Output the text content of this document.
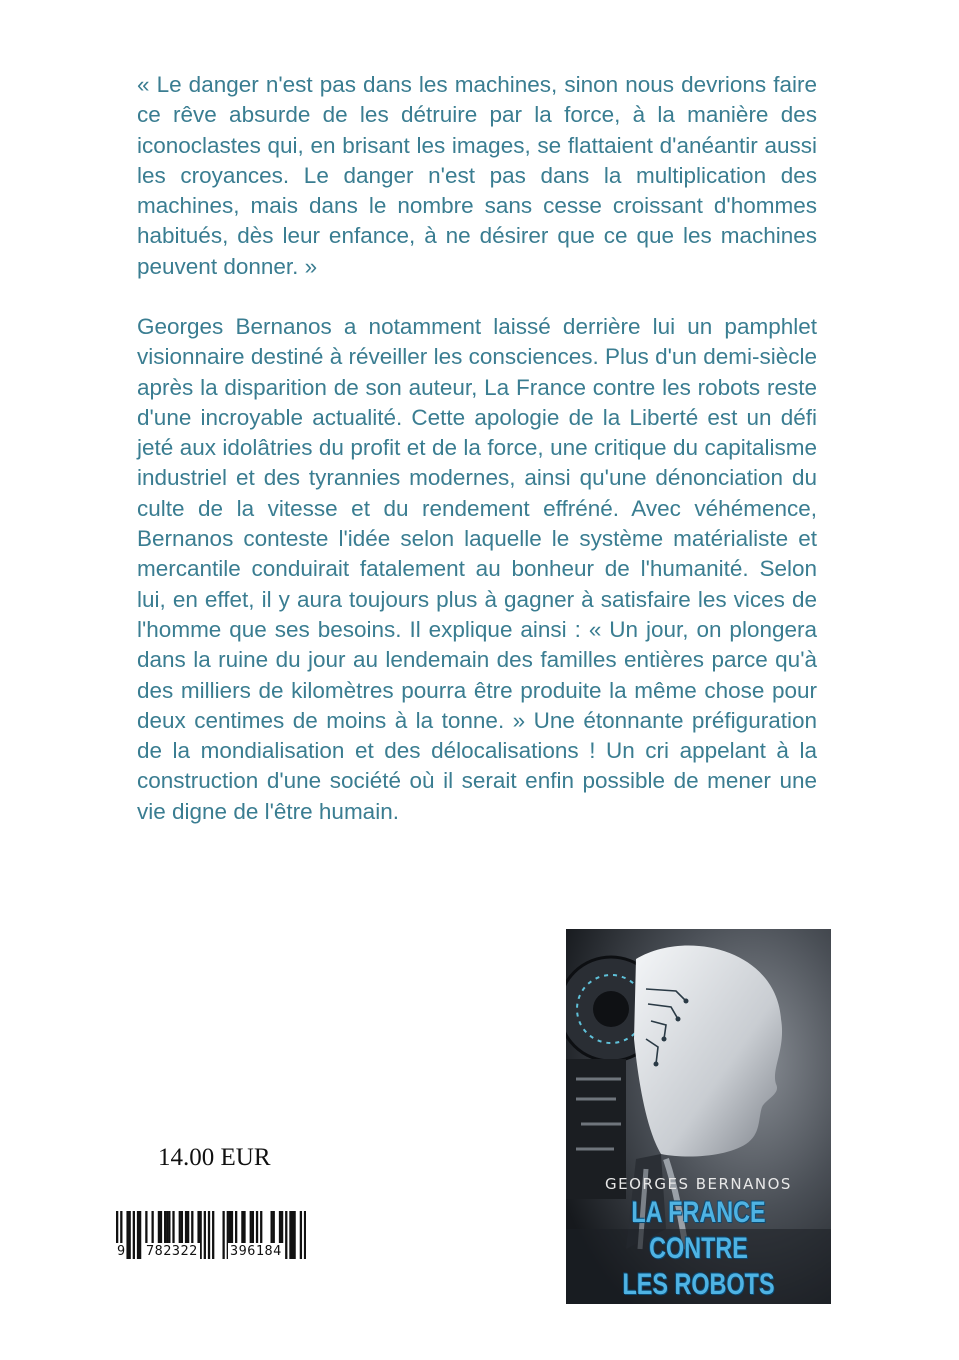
« Le danger n'est pas dans les machines, sinon nous devrions faire ce rêve absurde de les détruire par la force, à la manière des iconoclastes qui, en brisant les images, se flattaient d'anéantir aussi les croyances. Le danger n'est pas dans la multiplication des machines, mais dans le nombre sans cesse croissant d'hommes habitués, dès leur enfance, à ne désirer que ce que les machines peuvent donner. »

Georges Bernanos a notamment laissé derrière lui un pamphlet visionnaire destiné à réveiller les consciences. Plus d'un demi-siècle après la disparition de son auteur, La France contre les robots reste d'une incroyable actualité. Cette apologie de la Liberté est un défi jeté aux idolâtries du profit et de la force, une critique du capitalisme industriel et des tyrannies modernes, ainsi qu'une dénonciation du culte de la vitesse et du rendement effréné. Avec véhémence, Bernanos conteste l'idée selon laquelle le système matérialiste et mercantile conduirait fatalement au bonheur de l'humanité. Selon lui, en effet, il y aura toujours plus à gagner à satisfaire les vices de l'homme que ses besoins. Il explique ainsi : « Un jour, on plongera dans la ruine du jour au lendemain des familles entières parce qu'à des milliers de kilomètres pourra être produite la même chose pour deux centimes de moins à la tonne. » Une étonnante préfiguration de la mondialisation et des délocalisations ! Un cri appelant à la construction d'une société où il serait enfin possible de mener une vie digne de l'être humain.

14.00 EUR
9 782322 396184
GEORGES BERNANOS
LA FRANCE CONTRE
LES ROBOTS
